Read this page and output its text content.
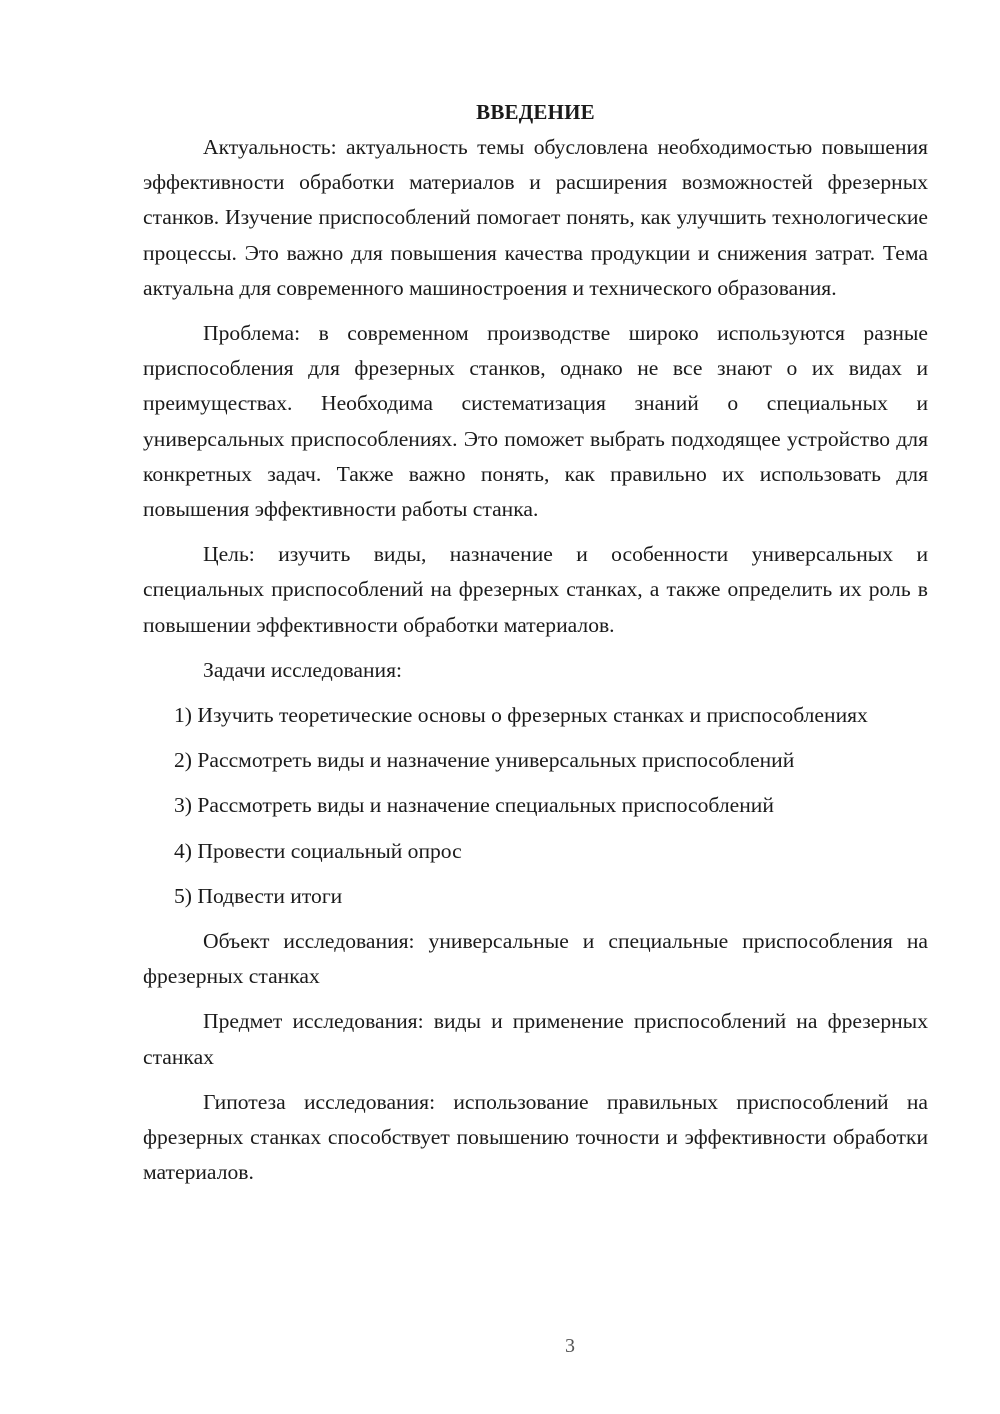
ВВЕДЕНИЕ

Актуальность: актуальность темы обусловлена необходимостью повышения эффективности обработки материалов и расширения возможностей фрезерных станков. Изучение приспособлений помогает понять, как улучшить технологические процессы. Это важно для повышения качества продукции и снижения затрат. Тема актуальна для современного машиностроения и технического образования.

Проблема: в современном производстве широко используются разные приспособления для фрезерных станков, однако не все знают о их видах и преимуществах. Необходима систематизация знаний о специальных и универсальных приспособлениях. Это поможет выбрать подходящее устройство для конкретных задач. Также важно понять, как правильно их использовать для повышения эффективности работы станка.

Цель: изучить виды, назначение и особенности универсальных и специальных приспособлений на фрезерных станках, а также определить их роль в повышении эффективности обработки материалов.

Задачи исследования:

1) Изучить теоретические основы о фрезерных станках и приспособлениях

2) Рассмотреть виды и назначение универсальных приспособлений

3) Рассмотреть виды и назначение специальных приспособлений

4) Провести социальный опрос

5) Подвести итоги

Объект исследования: универсальные и специальные приспособления на фрезерных станках

Предмет исследования: виды и применение приспособлений на фрезерных станках

Гипотеза исследования: использование правильных приспособлений на фрезерных станках способствует повышению точности и эффективности обработки материалов.

3
